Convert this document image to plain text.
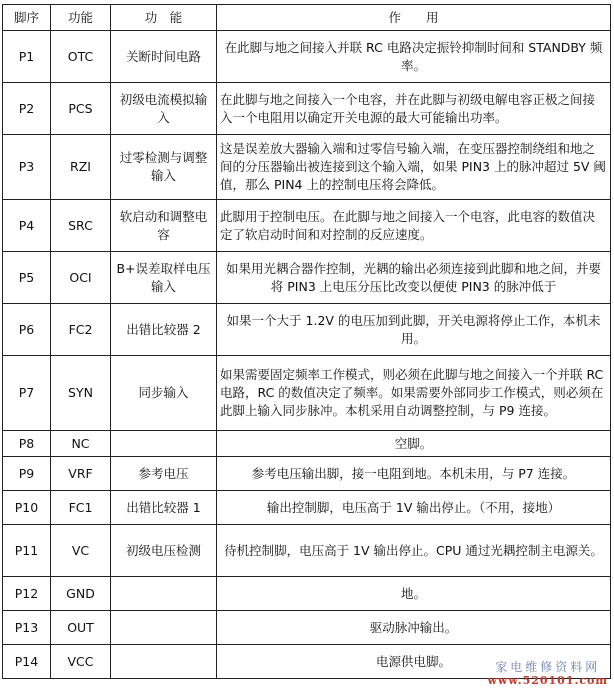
脚序	功能	功　能	作　　用
P1	OTC	关断时间电路	在此脚与地之间接入并联 RC 电路决定振铃抑制时间和 STANDBY 频率。
P2	PCS	初级电流模拟输入	在此脚与地之间接入一个电容，并在此脚与初级电解电容正极之间接入一个电阻用以确定开关电源的最大可能输出功率。
P3	RZI	过零检测与调整输入	这是误差放大器输入端和过零信号输入端，在变压器控制绕组和地之间的分压器输出被连接到这个输入端，如果 PIN3 上的脉冲超过 5V 阈值，那么 PIN4 上的控制电压将会降低。
P4	SRC	软启动和调整电容	此脚用于控制电压。在此脚与地之间接入一个电容，此电容的数值决定了软启动时间和对控制的反应速度。
P5	OCI	B+误差取样电压输入	如果用光耦合器作控制，光耦的输出必须连接到此脚和地之间，并要将 PIN3 上电压分压比改变以便使 PIN3 的脉冲低于
P6	FC2	出错比较器 2	如果一个大于 1.2V 的电压加到此脚，开关电源将停止工作，本机未用。
P7	SYN	同步输入	如果需要固定频率工作模式，则必须在此脚与地之间接入一个并联 RC 电路，RC 的数值决定了频率。如果需要外部同步工作模式，则必须在此脚上输入同步脉冲。本机采用自动调整控制，与 P9 连接。
P8	NC		空脚。
P9	VRF	参考电压	参考电压输出脚，接一电阻到地。本机未用，与 P7 连接。
P10	FC1	出错比较器 1	输出控制脚，电压高于 1V 输出停止。（不用，接地）
P11	VC	初级电压检测	待机控制脚，电压高于 1V 输出停止。CPU 通过光耦控制主电源关。
P12	GND		地。
P13	OUT		驱动脉冲输出。
P14	VCC		电源供电脚。	家电维修资料网
www.520101.com
